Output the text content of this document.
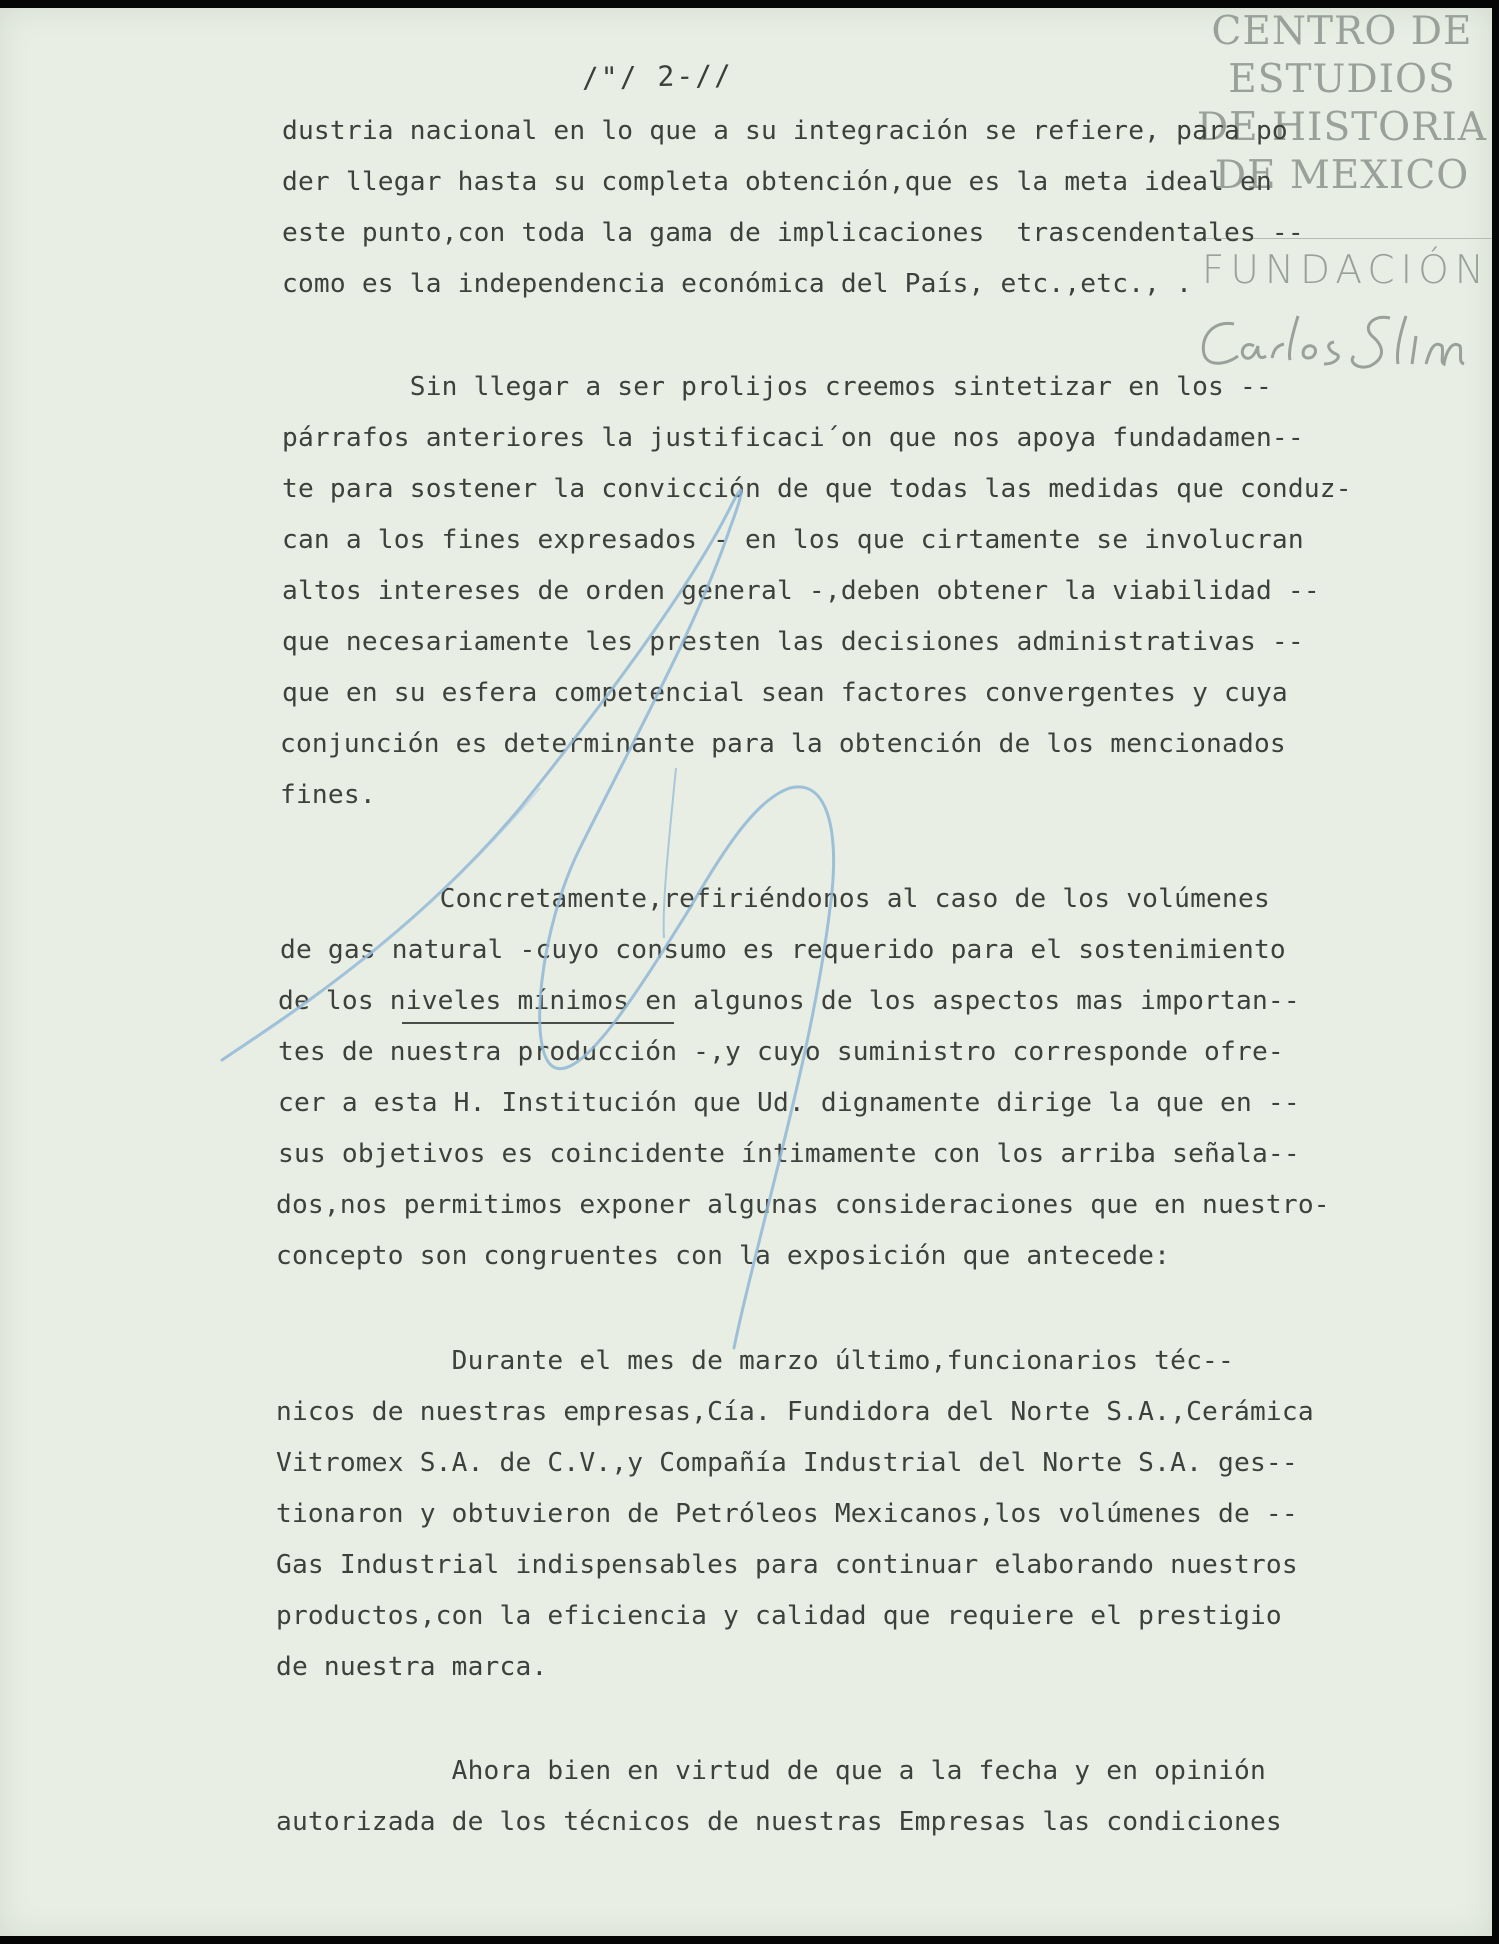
CENTRO DE
ESTUDIOS
DE HISTORIA
DE MEXICO
FUNDACIÓN
/"/ 2-//
dustria nacional en lo que a su integración se refiere, para po
der llegar hasta su completa obtención,que es la meta ideal en
este punto,con toda la gama de implicaciones  trascendentales --
como es la independencia económica del País, etc.,etc., .
Sin llegar a ser prolijos creemos sintetizar en los --
párrafos anteriores la justificaci´on que nos apoya fundadamen--
te para sostener la convicción de que todas las medidas que conduz-
can a los fines expresados - en los que cirtamente se involucran
altos intereses de orden general -,deben obtener la viabilidad --
que necesariamente les presten las decisiones administrativas --
que en su esfera competencial sean factores convergentes y cuya
conjunción es determinante para la obtención de los mencionados
fines.
Concretamente,refiriéndonos al caso de los volúmenes
de gas natural -cuyo consumo es requerido para el sostenimiento
de los niveles mínimos en algunos de los aspectos mas importan--
tes de nuestra producción -,y cuyo suministro corresponde ofre-
cer a esta H. Institución que Ud. dignamente dirige la que en --
sus objetivos es coincidente íntimamente con los arriba señala--
dos,nos permitimos exponer algunas consideraciones que en nuestro-
concepto son congruentes con la exposición que antecede:
Durante el mes de marzo último,funcionarios téc--
nicos de nuestras empresas,Cía. Fundidora del Norte S.A.,Cerámica
Vitromex S.A. de C.V.,y Compañía Industrial del Norte S.A. ges--
tionaron y obtuvieron de Petróleos Mexicanos,los volúmenes de --
Gas Industrial indispensables para continuar elaborando nuestros
productos,con la eficiencia y calidad que requiere el prestigio
de nuestra marca.
Ahora bien en virtud de que a la fecha y en opinión
autorizada de los técnicos de nuestras Empresas las condiciones
